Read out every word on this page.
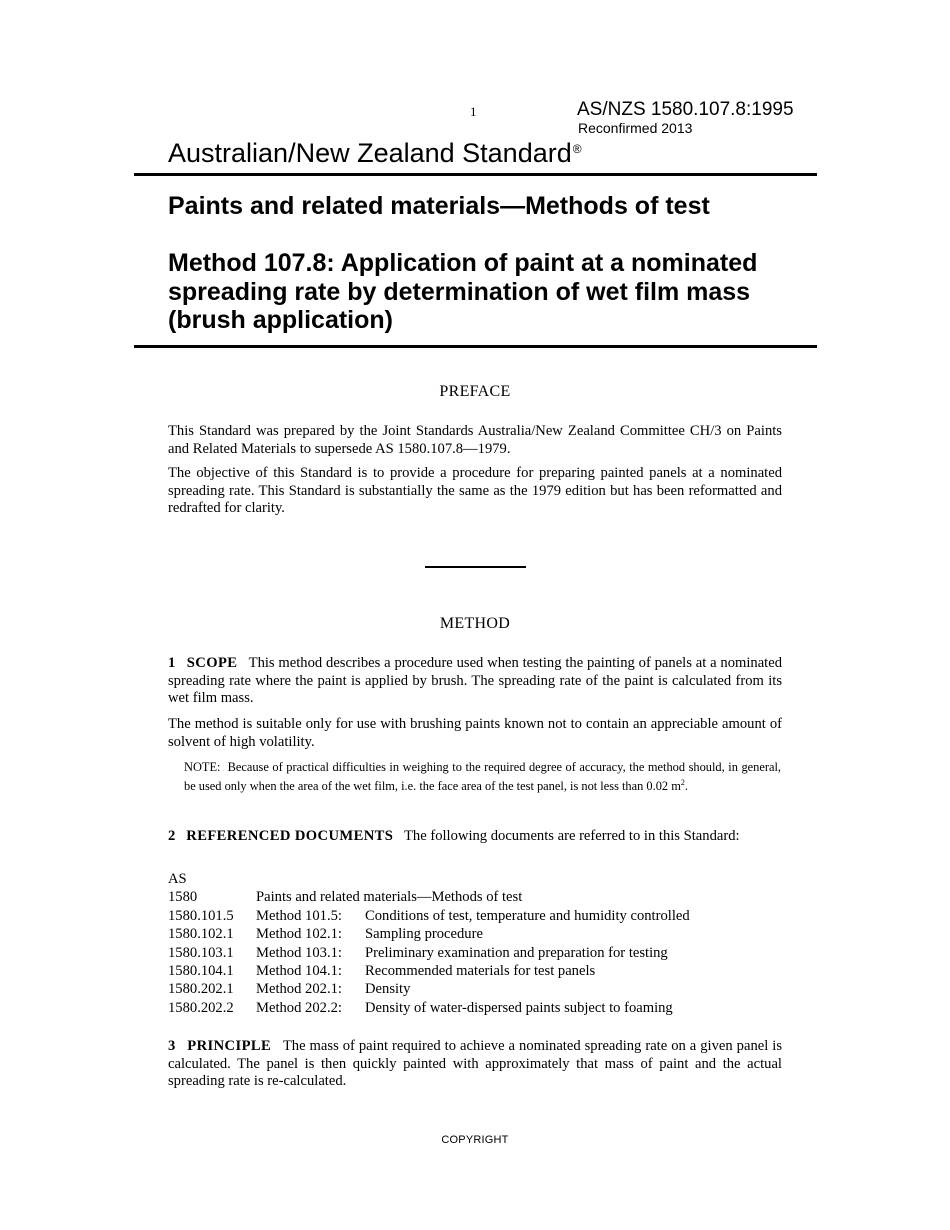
1	AS/NZS 1580.107.8:1995
Reconfirmed 2013
Australian/New Zealand Standard®
Paints and related materials—Methods of test
Method 107.8: Application of paint at a nominated spreading rate by determination of wet film mass (brush application)
PREFACE
This Standard was prepared by the Joint Standards Australia/New Zealand Committee CH/3 on Paints and Related Materials to supersede AS 1580.107.8—1979.
The objective of this Standard is to provide a procedure for preparing painted panels at a nominated spreading rate. This Standard is substantially the same as the 1979 edition but has been reformatted and redrafted for clarity.
METHOD
1 SCOPE This method describes a procedure used when testing the painting of panels at a nominated spreading rate where the paint is applied by brush. The spreading rate of the paint is calculated from its wet film mass.
The method is suitable only for use with brushing paints known not to contain an appreciable amount of solvent of high volatility.
NOTE: Because of practical difficulties in weighing to the required degree of accuracy, the method should, in general, be used only when the area of the wet film, i.e. the face area of the test panel, is not less than 0.02 $m^2$.
2 REFERENCED DOCUMENTS The following documents are referred to in this Standard:
AS
1580	Paints and related materials—Methods of test
1580.101.5	Method 101.5:	Conditions of test, temperature and humidity controlled
1580.102.1	Method 102.1:	Sampling procedure
1580.103.1	Method 103.1:	Preliminary examination and preparation for testing
1580.104.1	Method 104.1:	Recommended materials for test panels
1580.202.1	Method 202.1:	Density
1580.202.2	Method 202.2:	Density of water-dispersed paints subject to foaming
3 PRINCIPLE The mass of paint required to achieve a nominated spreading rate on a given panel is calculated. The panel is then quickly painted with approximately that mass of paint and the actual spreading rate is re-calculated.
COPYRIGHT
